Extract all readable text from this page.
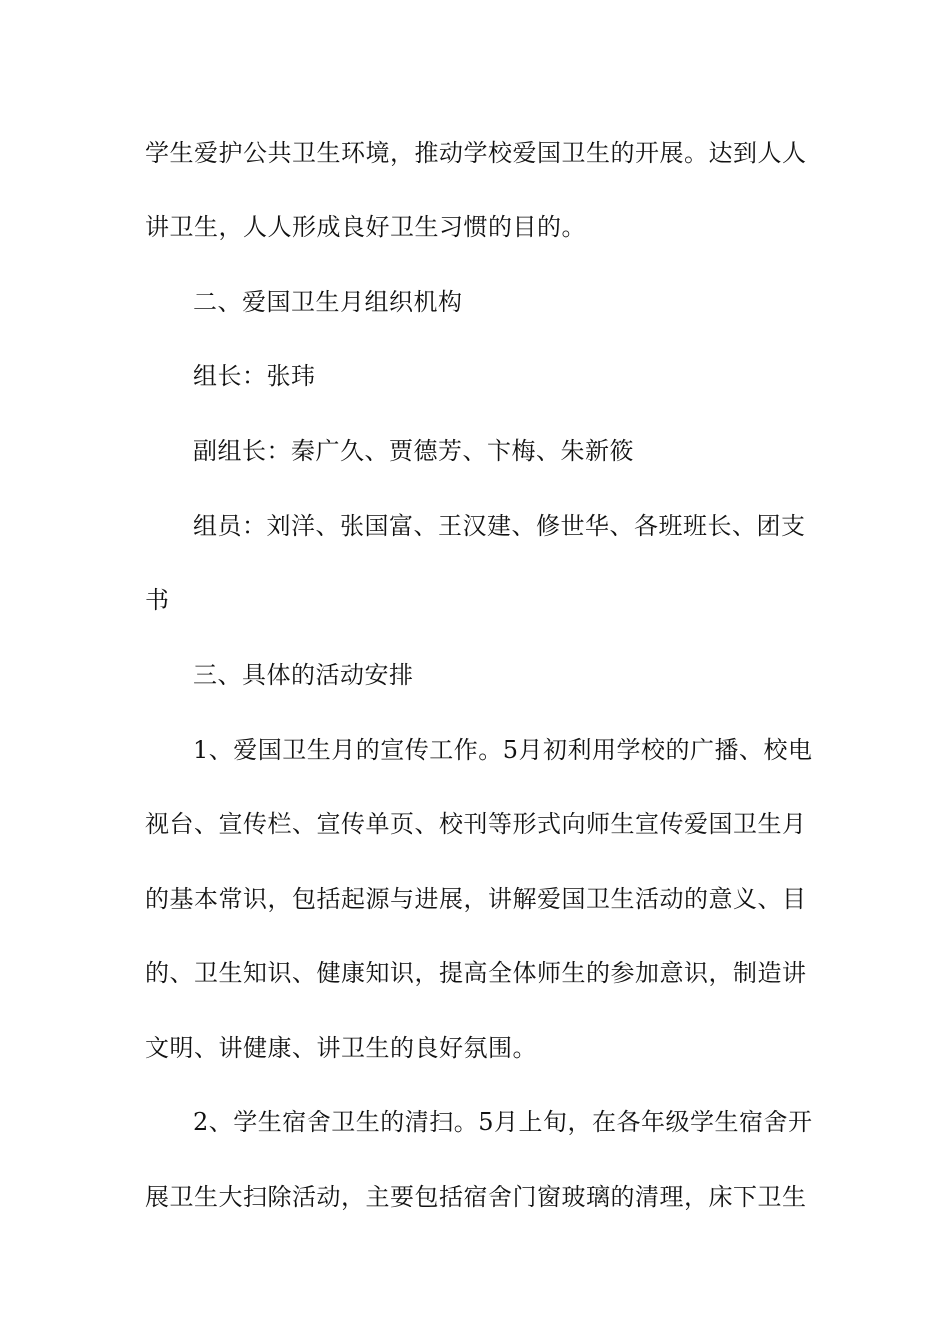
学生爱护公共卫生环境，推动学校爱国卫生的开展。达到人人
讲卫生，人人形成良好卫生习惯的目的。
二、爱国卫生月组织机构
组长：张玮
副组长：秦广久、贾德芳、卞梅、朱新筱
组员：刘洋、张国富、王汉建、修世华、各班班长、团支
书
三、具体的活动安排
1、爱国卫生月的宣传工作。5月初利用学校的广播、校电
视台、宣传栏、宣传单页、校刊等形式向师生宣传爱国卫生月
的基本常识，包括起源与进展，讲解爱国卫生活动的意义、目
的、卫生知识、健康知识，提高全体师生的参加意识，制造讲
文明、讲健康、讲卫生的良好氛围。
2、学生宿舍卫生的清扫。5月上旬，在各年级学生宿舍开
展卫生大扫除活动，主要包括宿舍门窗玻璃的清理，床下卫生
